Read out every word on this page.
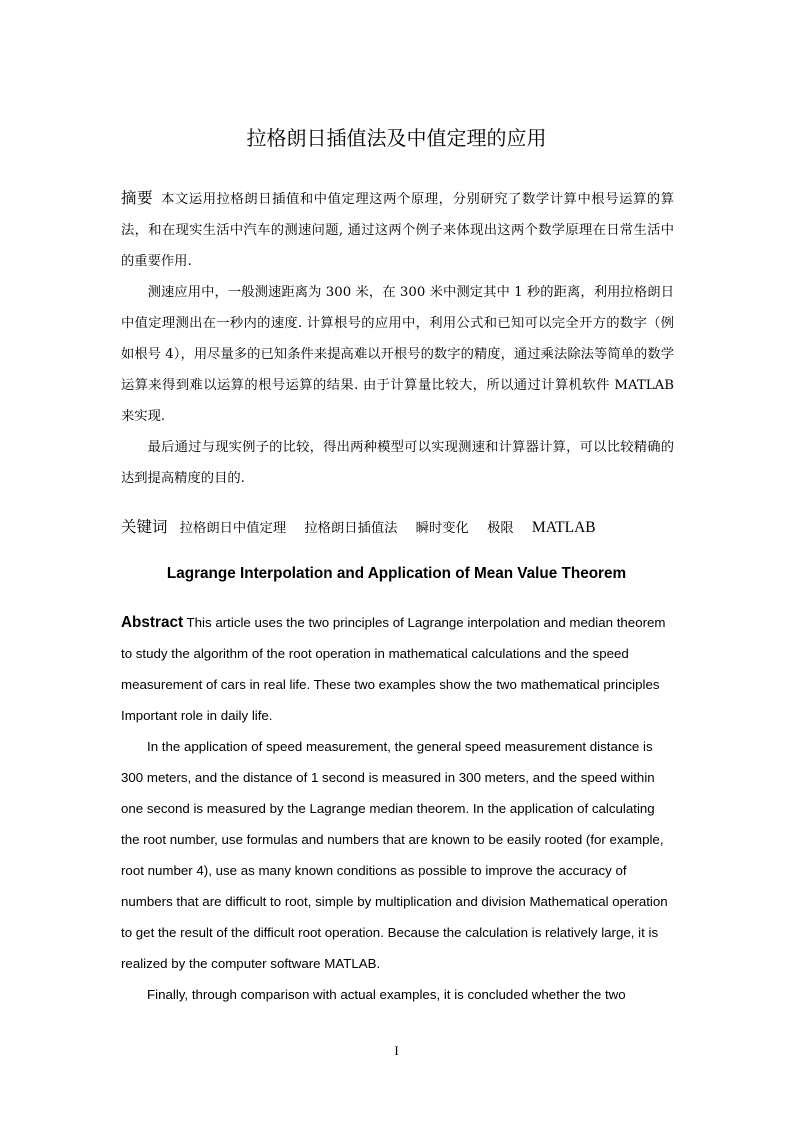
拉格朗日插值法及中值定理的应用

摘要 本文运用拉格朗日插值和中值定理这两个原理，分别研究了数学计算中根号运算的算法，和在现实生活中汽车的测速问题, 通过这两个例子来体现出这两个数学原理在日常生活中的重要作用.

测速应用中，一般测速距离为 300 米，在 300 米中测定其中 1 秒的距离，利用拉格朗日中值定理测出在一秒内的速度. 计算根号的应用中，利用公式和已知可以完全开方的数字（例如根号 4），用尽量多的已知条件来提高难以开根号的数字的精度，通过乘法除法等简单的数学运算来得到难以运算的根号运算的结果. 由于计算量比较大，所以通过计算机软件 MATLAB 来实现.

最后通过与现实例子的比较，得出两种模型可以实现测速和计算器计算，可以比较精确的达到提高精度的目的.

关键词 拉格朗日中值定理 拉格朗日插值法 瞬时变化 极限 MATLAB
Lagrange Interpolation and Application of Mean Value Theorem

Abstract This article uses the two principles of Lagrange interpolation and median theorem to study the algorithm of the root operation in mathematical calculations and the speed measurement of cars in real life. These two examples show the two mathematical principles Important role in daily life.

In the application of speed measurement, the general speed measurement distance is 300 meters, and the distance of 1 second is measured in 300 meters, and the speed within one second is measured by the Lagrange median theorem. In the application of calculating the root number, use formulas and numbers that are known to be easily rooted (for example, root number 4), use as many known conditions as possible to improve the accuracy of numbers that are difficult to root, simple by multiplication and division Mathematical operation to get the result of the difficult root operation. Because the calculation is relatively large, it is realized by the computer software MATLAB.

Finally, through comparison with actual examples, it is concluded whether the two

I
